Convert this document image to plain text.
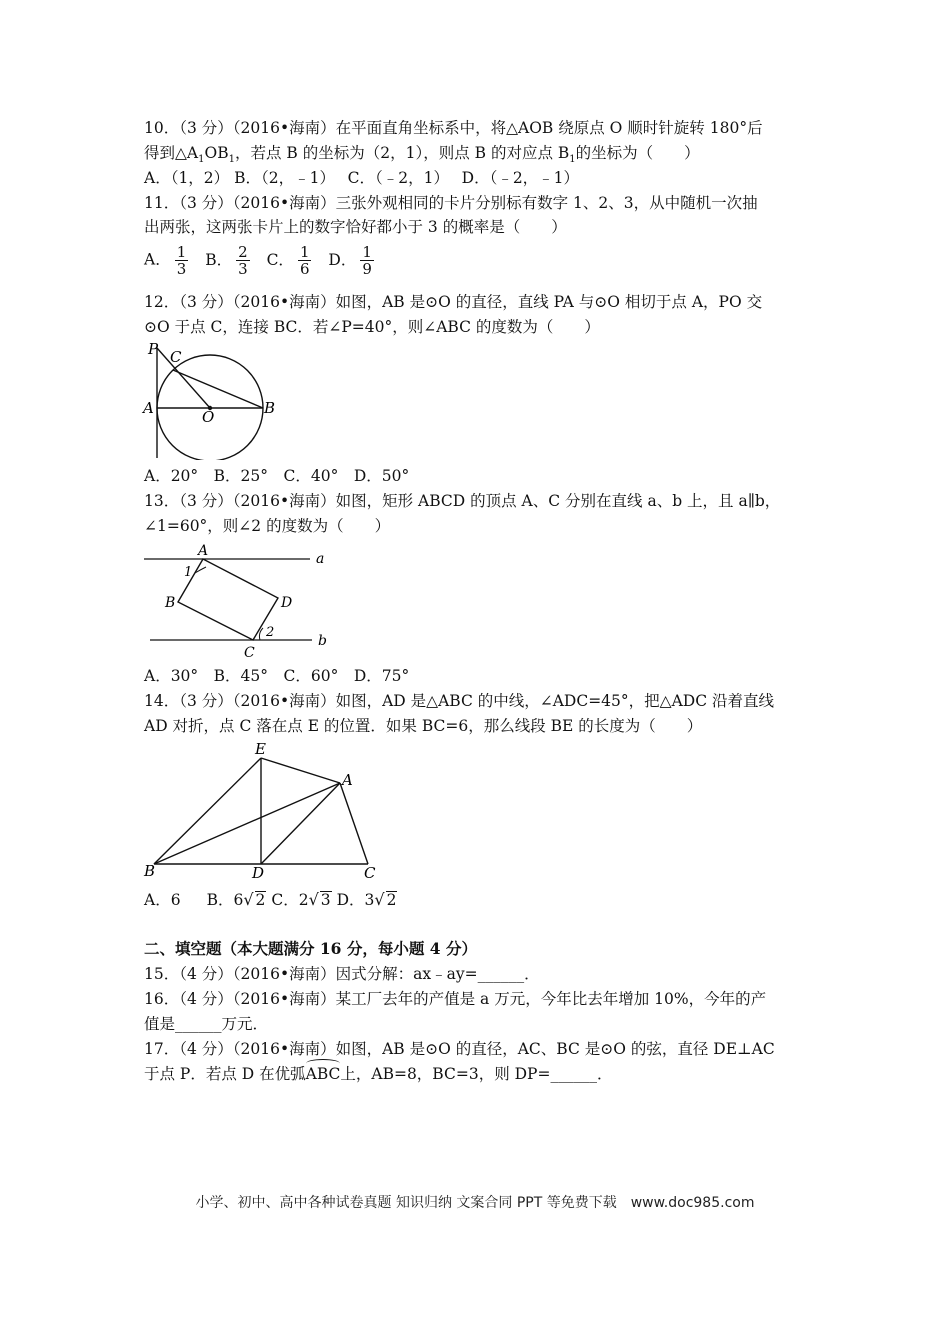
10．（3 分）（2016•海南）在平面直角坐标系中，将△AOB 绕原点 O 顺时针旋转 180°后
得到$\triangle A_1OB_1$，若点 B 的坐标为（2，1），则点 B 的对应点 $B_1$的坐标为（　　）
A．（1，2） B．（2，﹣1）　 C．（﹣2，1）　 D．（﹣2，﹣1）
11．（3 分）（2016•海南）三张外观相同的卡片分别标有数字 1、2、3，从中随机一次抽
出两张，这两张卡片上的数字恰好都小于 3 的概率是（　　）
A． $\frac{1}{3}$ B． $\frac{2}{3}$ C． $\frac{1}{6}$ D． $\frac{1}{9}$
12．（3 分）（2016•海南）如图，AB 是⊙O 的直径，直线 PA 与⊙O 相切于点 A，PO 交
⊙O 于点 C，连接 BC．若∠P=40°，则∠ABC 的度数为（　　）
P C
A	O	B
A．20°　B．25°　C．40°　D．50°
13．（3 分）（2016•海南）如图，矩形 ABCD 的顶点 A、C 分别在直线 a、b 上，且 a∥b，
∠1=60°，则∠2 的度数为（　　）
A
1
B	D
C
2
a
b
A．30°　B．45°　C．60°　D．75°
14．（3 分）（2016•海南）如图，AD 是△ABC 的中线，∠ADC=45°，把△ADC 沿着直线
AD 对折，点 C 落在点 E 的位置．如果 BC=6，那么线段 BE 的长度为（　　）
E
A
B	D	C
A．6 B．6√ 2 C．2√ 3 D．3√ 2
二、填空题（本大题满分 16 分，每小题 4 分）
15．（4 分）（2016•海南）因式分解：ax﹣ay=______．
16．（4 分）（2016•海南）某工厂去年的产值是 a 万元，今年比去年增加 10%，今年的产
值是______万元．
17．（4 分）（2016•海南）如图，AB 是⊙O 的直径，AC、BC 是⊙O 的弦，直径 DE⊥AC
于点 P．若点 D 在优弧ABC上，AB=8，BC=3，则 DP=______．
小学、初中、高中各种试卷真题 知识归纳 文案合同 PPT 等免费下载　www.doc985.com
